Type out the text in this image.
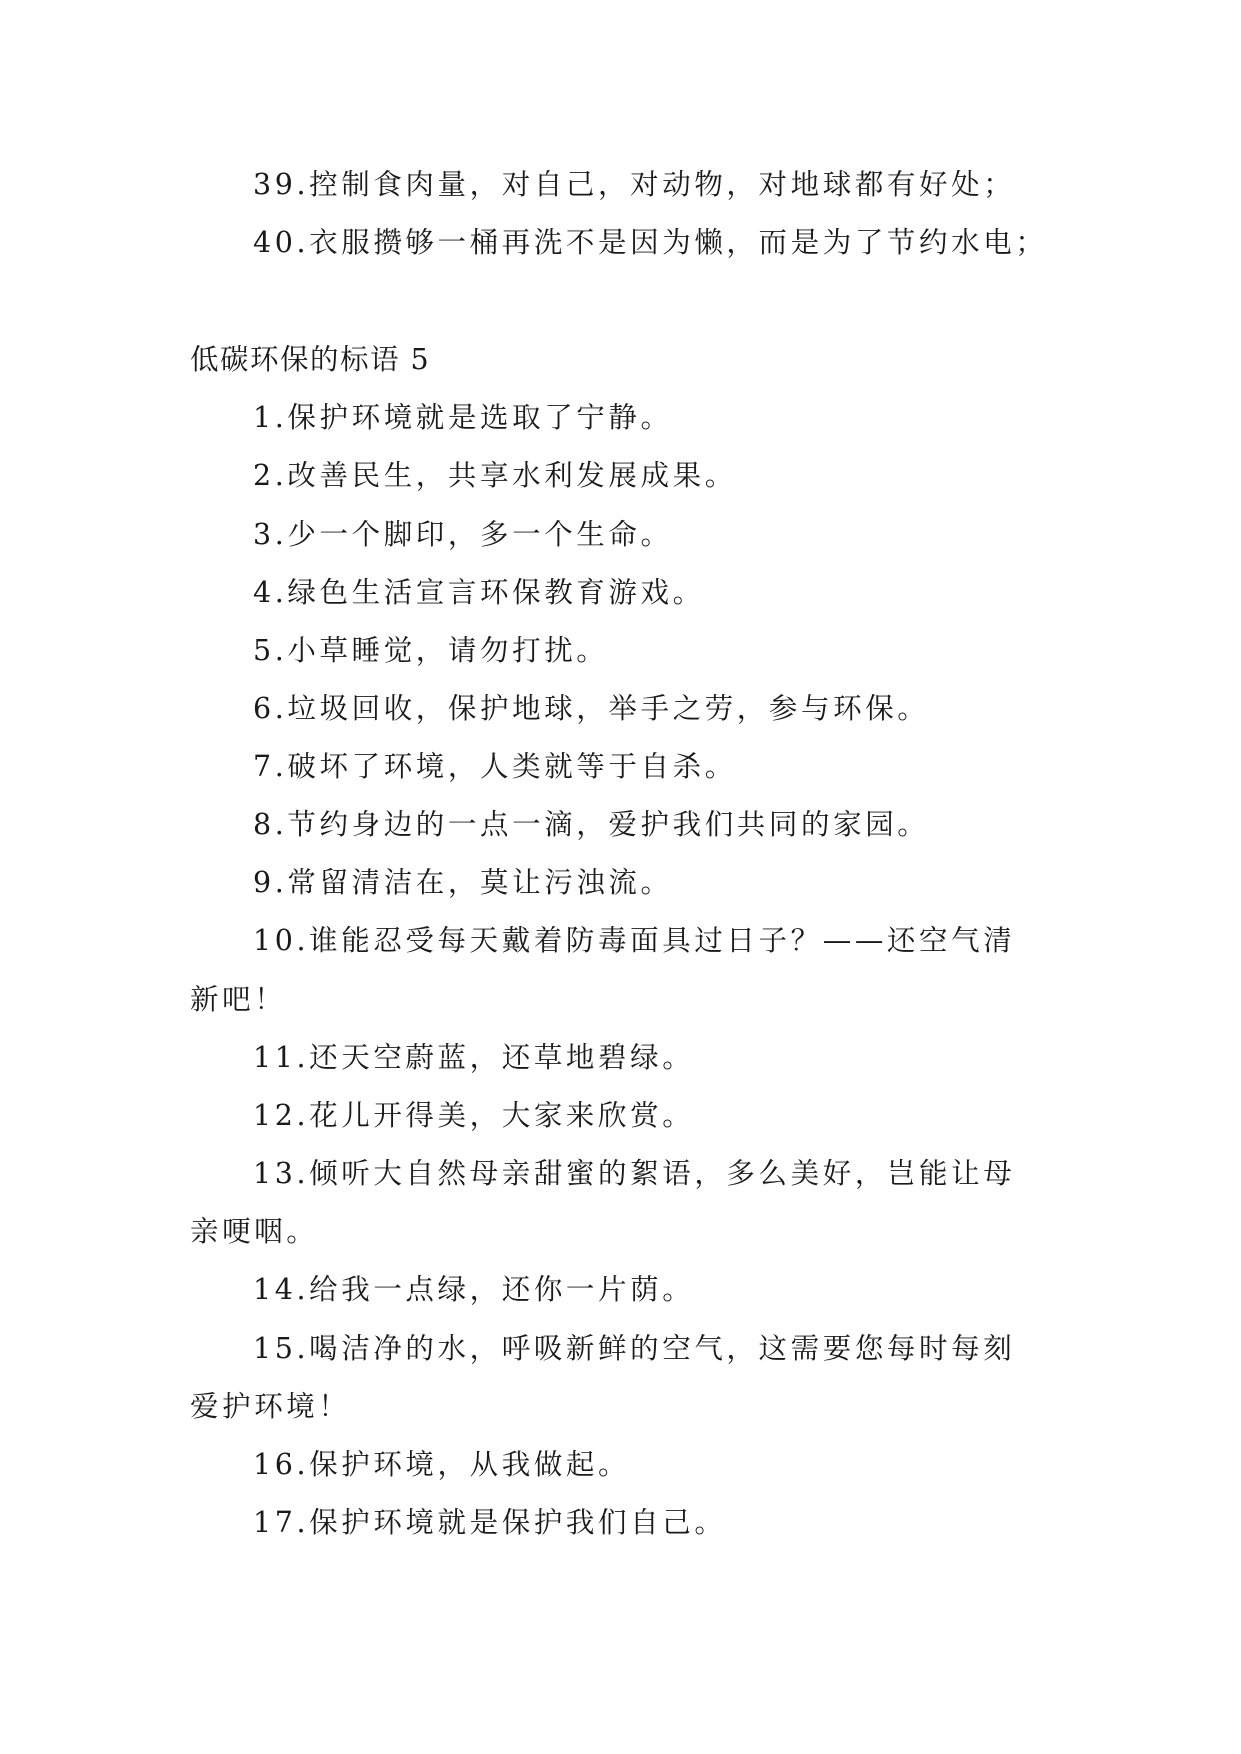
39.控制食肉量，对自己，对动物，对地球都有好处；
40.衣服攒够一桶再洗不是因为懒，而是为了节约水电；
低碳环保的标语 5
1.保护环境就是选取了宁静。
2.改善民生，共享水利发展成果。
3.少一个脚印，多一个生命。
4.绿色生活宣言环保教育游戏。
5.小草睡觉，请勿打扰。
6.垃圾回收，保护地球，举手之劳，参与环保。
7.破坏了环境，人类就等于自杀。
8.节约身边的一点一滴，爱护我们共同的家园。
9.常留清洁在，莫让污浊流。
10.谁能忍受每天戴着防毒面具过日子？——还空气清
新吧！
11.还天空蔚蓝，还草地碧绿。
12.花儿开得美，大家来欣赏。
13.倾听大自然母亲甜蜜的絮语，多么美好，岂能让母
亲哽咽。
14.给我一点绿，还你一片荫。
15.喝洁净的水，呼吸新鲜的空气，这需要您每时每刻
爱护环境！
16.保护环境，从我做起。
17.保护环境就是保护我们自己。
